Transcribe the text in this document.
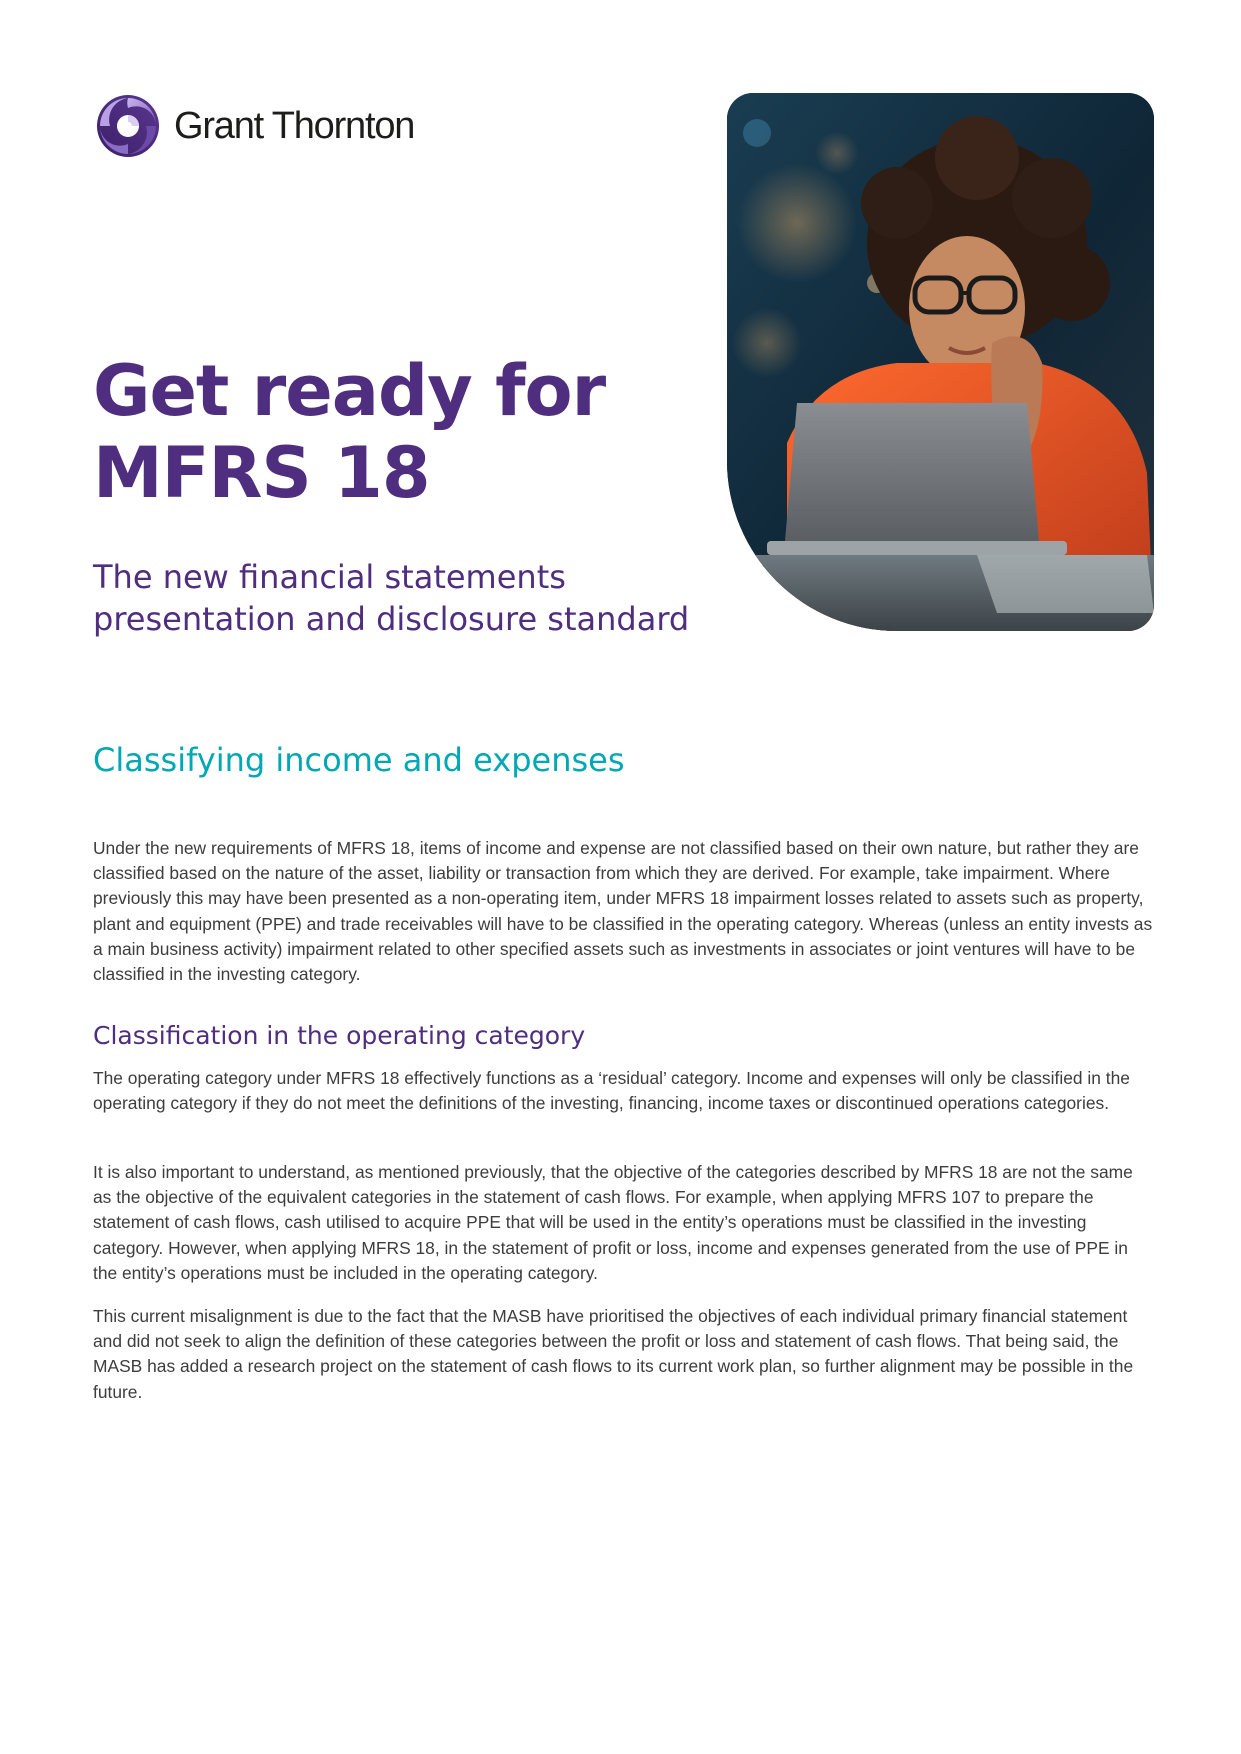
Grant Thornton
Get ready for MFRS 18
The new financial statements presentation and disclosure standard
Classifying income and expenses

Under the new requirements of MFRS 18, items of income and expense are not classified based on their own nature, but rather they are classified based on the nature of the asset, liability or transaction from which they are derived. For example, take impairment. Where previously this may have been presented as a non-operating item, under MFRS 18 impairment losses related to assets such as property, plant and equipment (PPE) and trade receivables will have to be classified in the operating category. Whereas (unless an entity invests as a main business activity) impairment related to other specified assets such as investments in associates or joint ventures will have to be classified in the investing category.

Classification in the operating category

The operating category under MFRS 18 effectively functions as a ‘residual’ category. Income and expenses will only be classified in the operating category if they do not meet the definitions of the investing, financing, income taxes or discontinued operations categories.

It is also important to understand, as mentioned previously, that the objective of the categories described by MFRS 18 are not the same as the objective of the equivalent categories in the statement of cash flows. For example, when applying MFRS 107 to prepare the statement of cash flows, cash utilised to acquire PPE that will be used in the entity’s operations must be classified in the investing category. However, when applying MFRS 18, in the statement of profit or loss, income and expenses generated from the use of PPE in the entity’s operations must be included in the operating category.

This current misalignment is due to the fact that the MASB have prioritised the objectives of each individual primary financial statement and did not seek to align the definition of these categories between the profit or loss and statement of cash flows. That being said, the MASB has added a research project on the statement of cash flows to its current work plan, so further alignment may be possible in the future.
